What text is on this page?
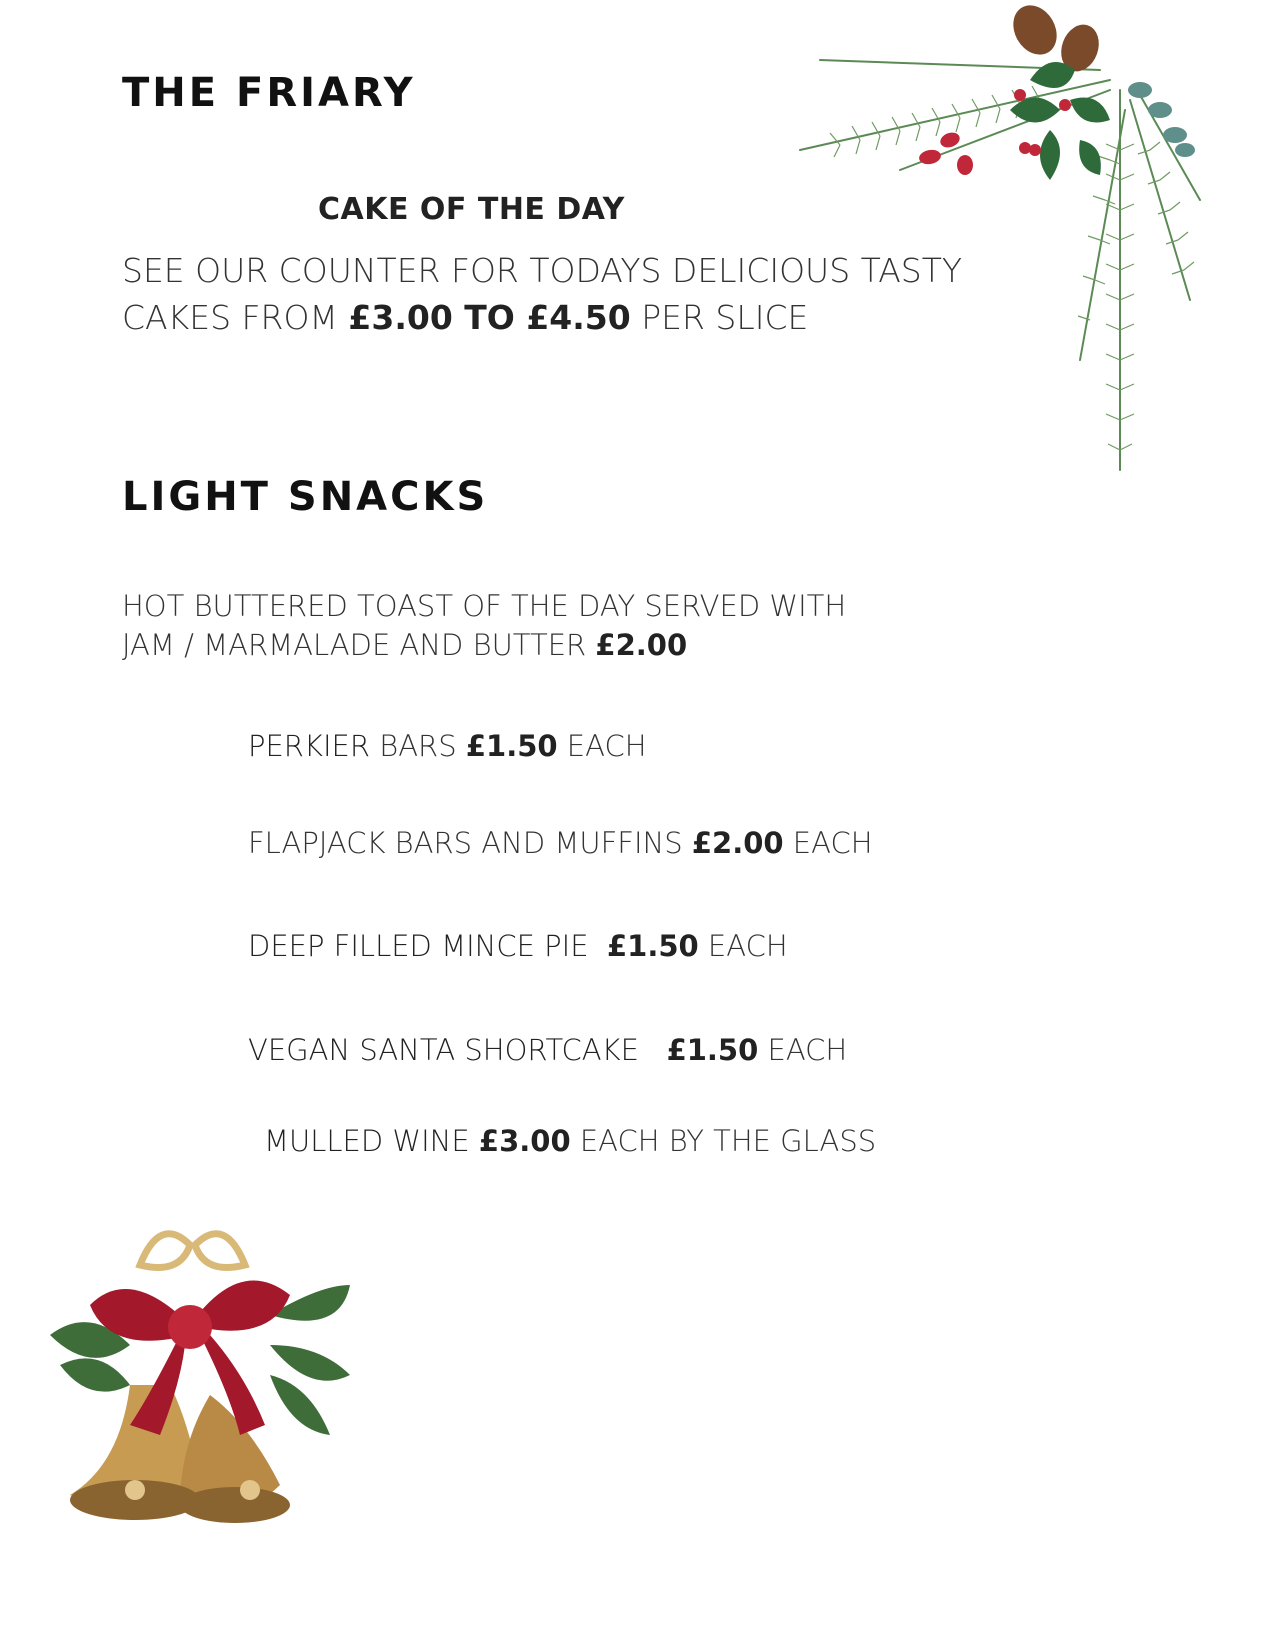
THE FRIARY
CAKE OF THE DAY
SEE OUR COUNTER FOR TODAYS DELICIOUS TASTY
CAKES FROM £3.00 TO £4.50 PER SLICE
LIGHT SNACKS
HOT BUTTERED TOAST OF THE DAY SERVED WITH
JAM / MARMALADE AND BUTTER £2.00
PERKIER BARS £1.50 EACH
FLAPJACK BARS AND MUFFINS £2.00 EACH
DEEP FILLED MINCE PIE  £1.50 EACH
VEGAN SANTA SHORTCAKE   £1.50 EACH
MULLED WINE £3.00 EACH BY THE GLASS
